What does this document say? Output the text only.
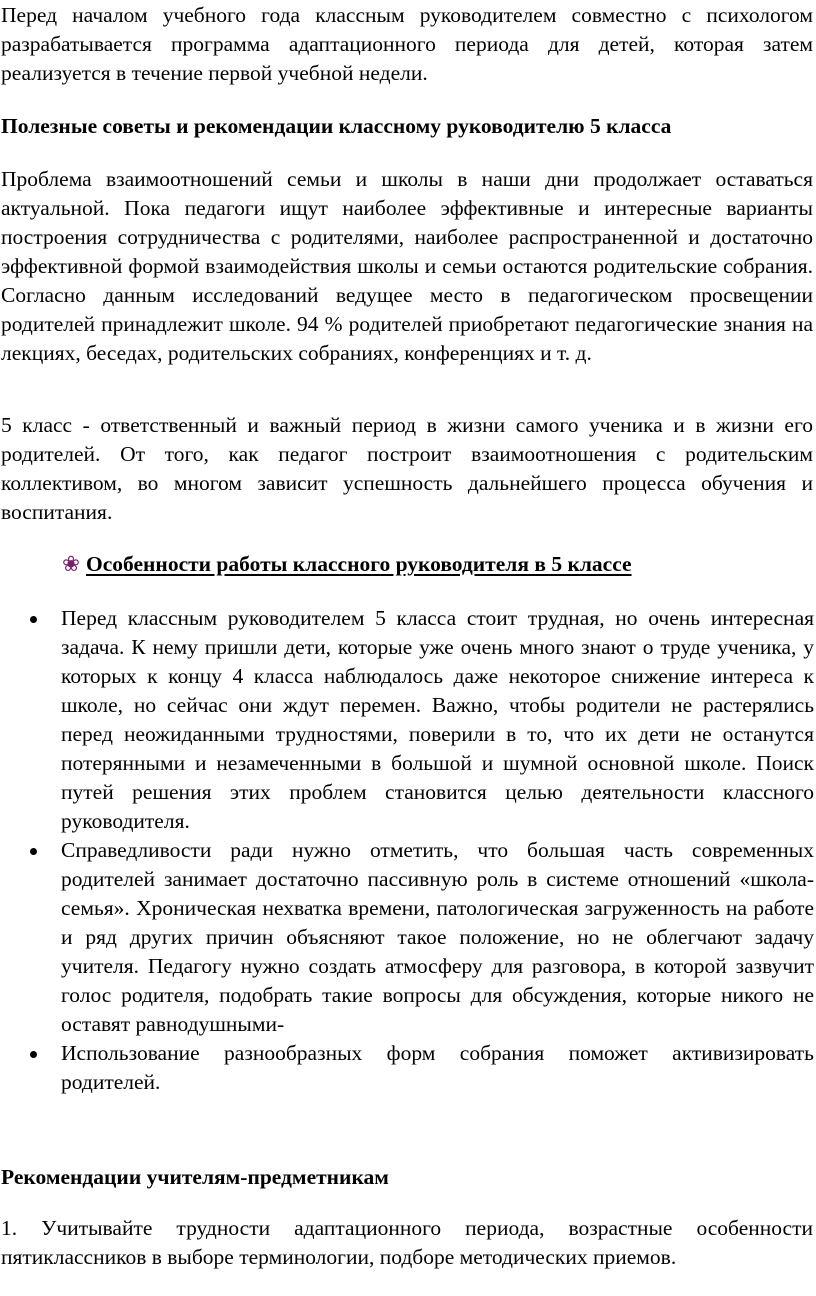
Перед началом учебного года классным руководителем совместно с психологом разрабатывается программа адаптационного периода для детей, которая затем реализуется в течение первой учебной недели.

Полезные советы и рекомендации классному руководителю 5 класса

Проблема взаимоотношений семьи и школы в наши дни продолжает оставаться актуальной. Пока педагоги ищут наиболее эффективные и интересные варианты построения сотрудничества с родителями, наиболее распространенной и достаточно эффективной формой взаимодействия школы и семьи остаются родительские собрания. Согласно данным исследований ведущее место в педагогическом просвещении родителей принадлежит школе. 94 % родителей приобретают педагогические знания на лекциях, беседах, родительских собраниях, конференциях и т. д.

5 класс - ответственный и важный период в жизни самого ученика и в жизни его родителей. От того, как педагог построит взаимоотношения с родительским коллективом, во многом зависит успешность дальнейшего процесса обучения и воспитания.

❀ Особенности работы классного руководителя в 5 классе
Перед классным руководителем 5 класса стоит трудная, но очень интересная задача. К нему пришли дети, которые уже очень много знают о труде ученика, у которых к концу 4 класса наблюдалось даже некоторое снижение интереса к школе, но сейчас они ждут перемен. Важно, чтобы родители не растерялись перед неожиданными трудностями, поверили в то, что их дети не останутся потерянными и незамеченными в большой и шумной основной школе. Поиск путей решения этих проблем становится целью деятельности классного руководителя.
Справедливости ради нужно отметить, что большая часть современных родителей занимает достаточно пассивную роль в системе отношений «школа-семья». Хроническая нехватка времени, патологическая загруженность на работе и ряд других причин объясняют такое положение, но не облегчают задачу учителя. Педагогу нужно создать атмосферу для разговора, в которой зазвучит голос родителя, подобрать такие вопросы для обсуждения, которые никого не оставят равнодушными-
Использование разнообразных форм собрания поможет активизировать родителей.

Рекомендации учителям-предметникам

1. Учитывайте трудности адаптационного периода, возрастные особенности пятиклассников в выборе терминологии, подборе методических приемов.
